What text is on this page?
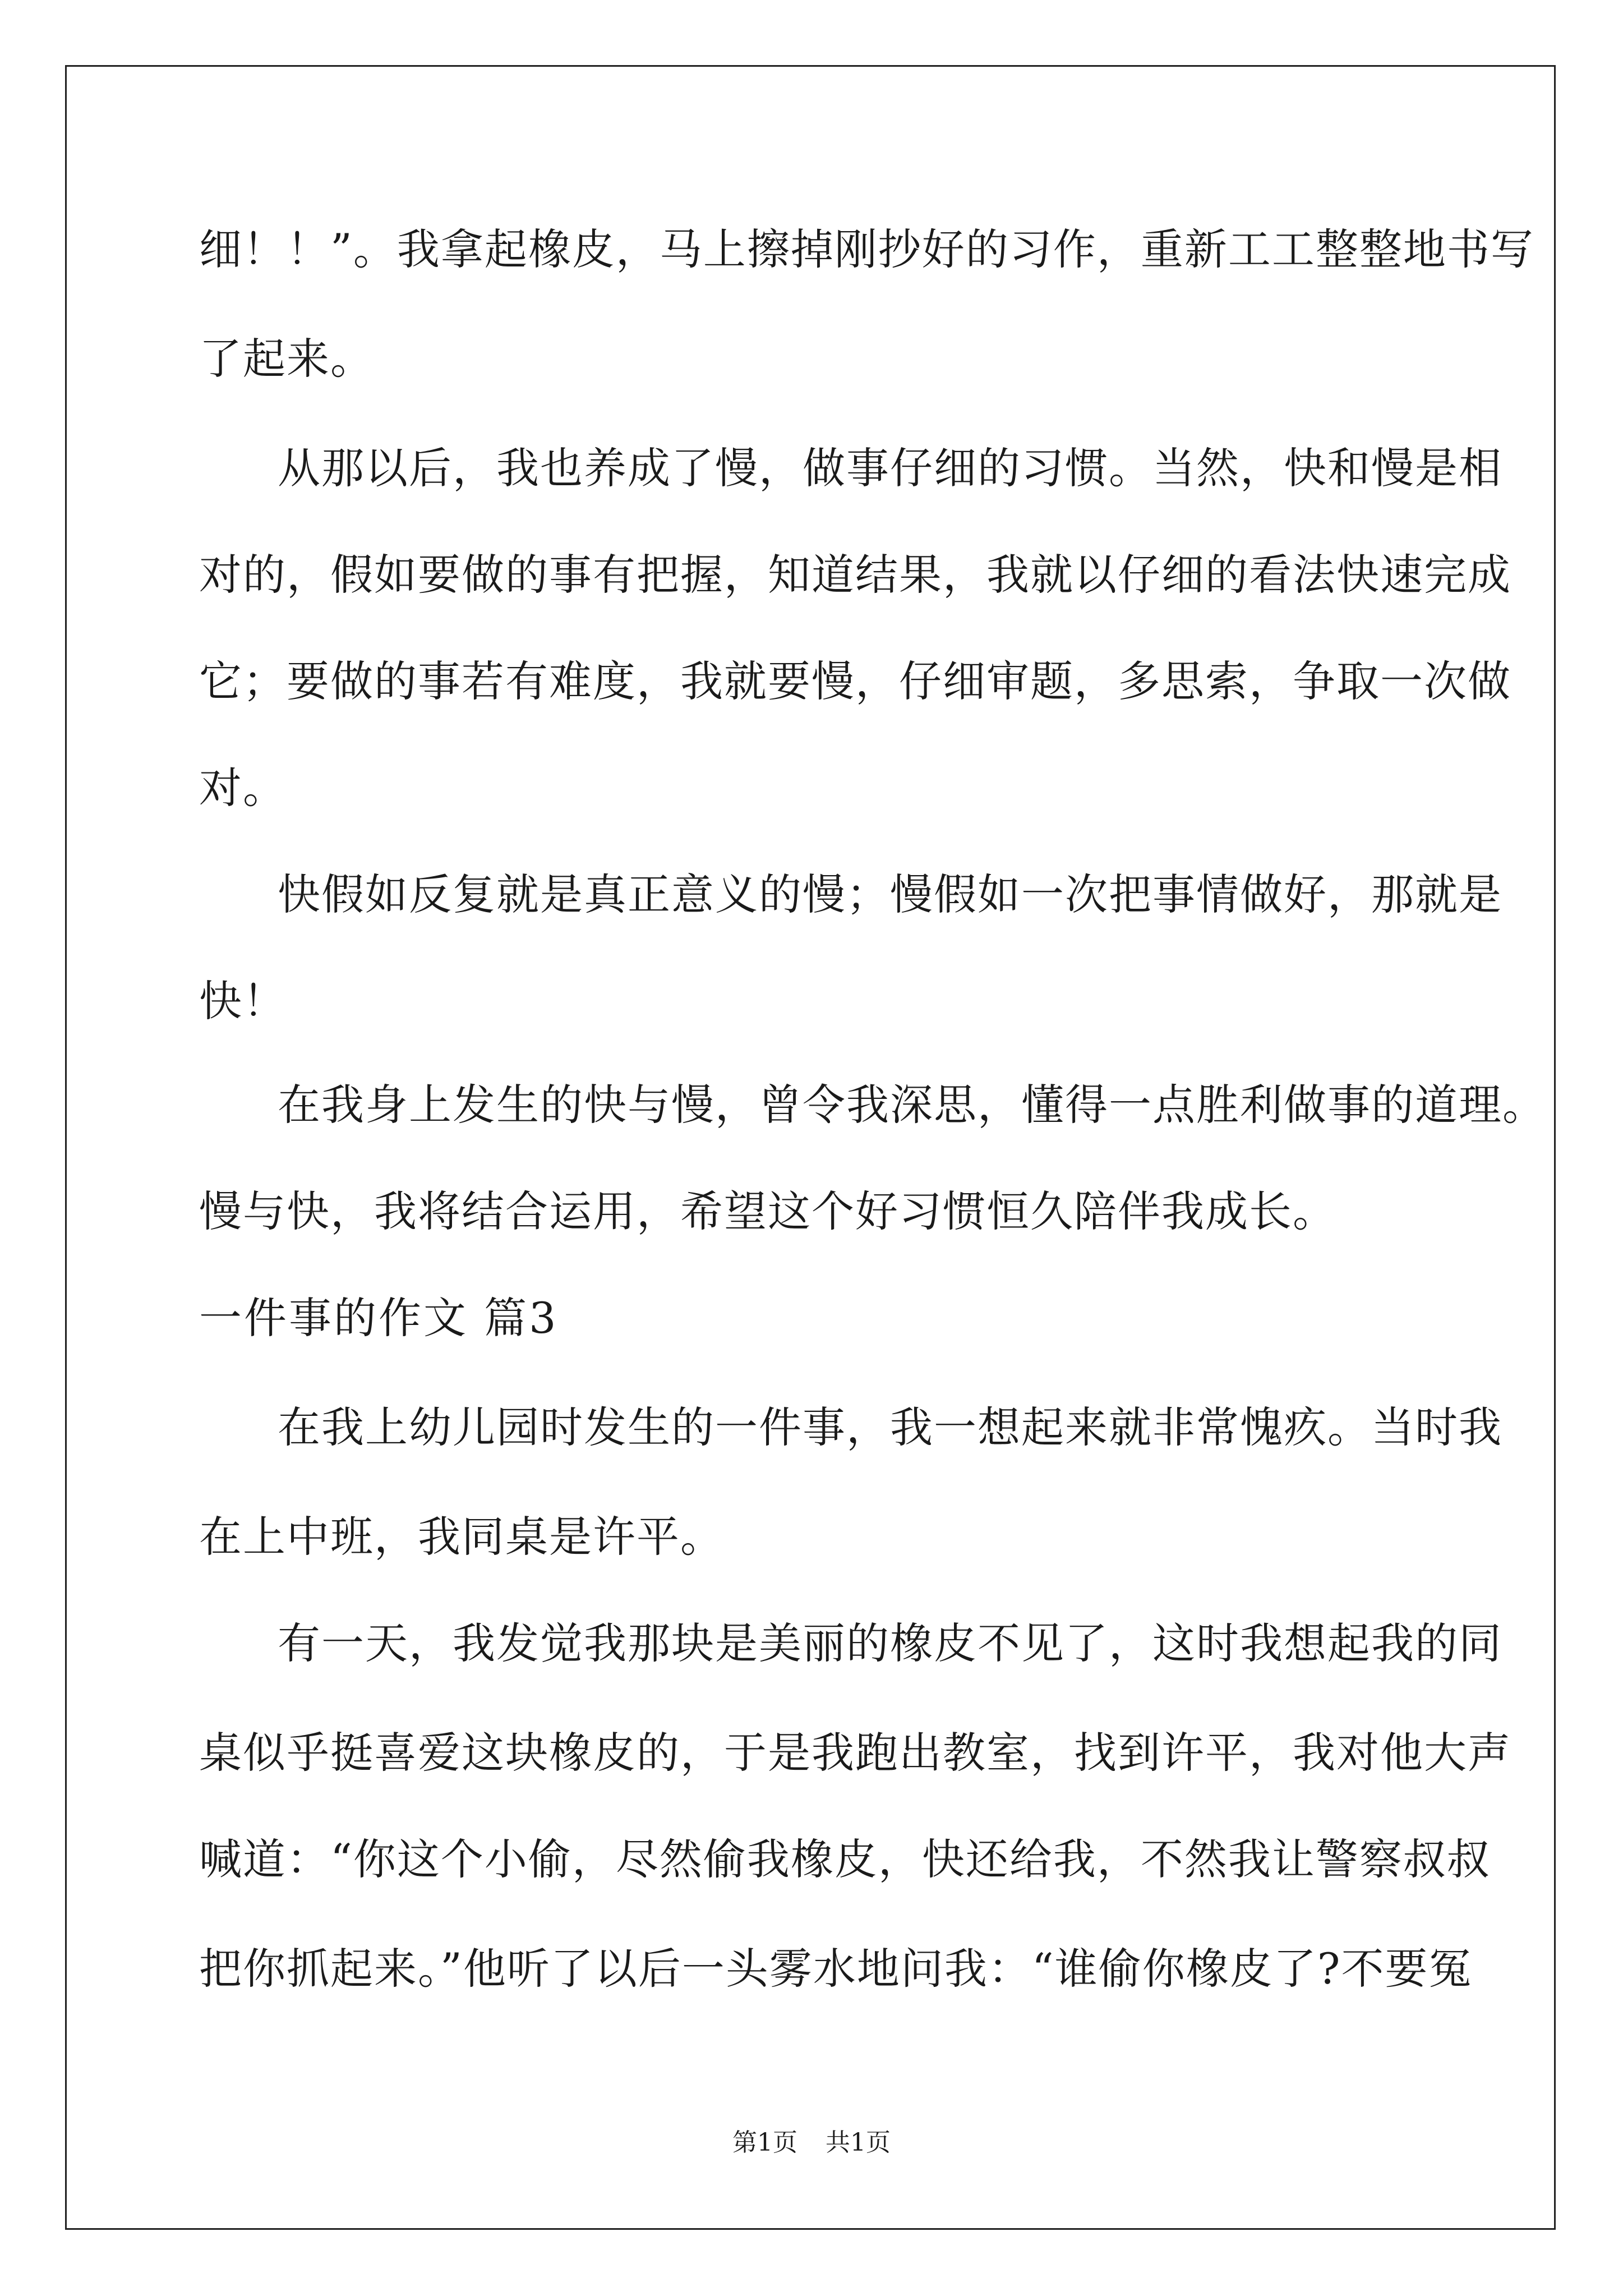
细！！”。我拿起橡皮，马上擦掉刚抄好的习作，重新工工整整地书写
了起来。
从那以后，我也养成了慢，做事仔细的习惯。当然，快和慢是相
对的，假如要做的事有把握，知道结果，我就以仔细的看法快速完成
它；要做的事若有难度，我就要慢，仔细审题，多思索，争取一次做
对。
快假如反复就是真正意义的慢；慢假如一次把事情做好，那就是
快！
在我身上发生的快与慢，曾令我深思，懂得一点胜利做事的道理。
慢与快，我将结合运用，希望这个好习惯恒久陪伴我成长。
一件事的作文 篇3
在我上幼儿园时发生的一件事，我一想起来就非常愧疚。当时我
在上中班，我同桌是许平。
有一天，我发觉我那块是美丽的橡皮不见了，这时我想起我的同
桌似乎挺喜爱这块橡皮的，于是我跑出教室，找到许平，我对他大声
喊道：“你这个小偷，尽然偷我橡皮，快还给我，不然我让警察叔叔
把你抓起来。”他听了以后一头雾水地问我：“谁偷你橡皮了?不要冤
第1页 共1页
